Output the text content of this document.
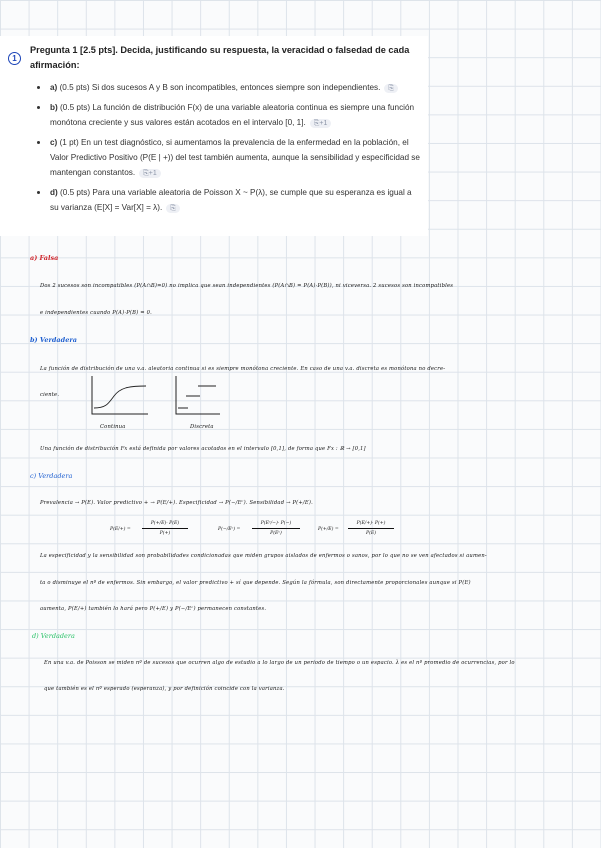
1
Pregunta 1 [2.5 pts]. Decida, justificando su respuesta, la veracidad o falsedad de cada afirmación:
a) (0.5 pts) Si dos sucesos A y B son incompatibles, entonces siempre son independientes. ⎘
b) (0.5 pts) La función de distribución F(x) de una variable aleatoria continua es siempre una función monótona creciente y sus valores están acotados en el intervalo [0, 1]. ⎘+1
c) (1 pt) En un test diagnóstico, si aumentamos la prevalencia de la enfermedad en la población, el Valor Predictivo Positivo (P(E | +)) del test también aumenta, aunque la sensibilidad y especificidad se mantengan constantos. ⎘+1
d) (0.5 pts) Para una variable aleatoria de Poisson X ~ P(λ), se cumple que su esperanza es igual a su varianza (E[X] = Var[X] = λ). ⎘
a) Falsa
Dos 2 sucesos son incompatibles (P(A∩B)=0) no implica que sean independientes (P(A∩B) = P(A)·P(B)), ni viceversa. 2 sucesos son incompatibles
e independientes cuando P(A)·P(B) = 0.
b) Verdadera
La función de distribución de una v.a. aleatoria continua si es siempre monótona creciente. En caso de una v.a. discreta es monótona no decre-
ciente.
Continua	Discreta
Una función de distribución Fx está definida por valores acotados en el intervalo [0,1], de forma que Fx : ℝ → [0,1]
c) Verdadera
Prevalencia → P(E). Valor predictivo + → P(E/+). Especificidad → P(−/Eᶜ). Sensibilidad → P(+/E).
P(E/+) =
P(+/E)· P(E)
P(+)
P(−/Eᶜ) =
P(Eᶜ/−)· P(−)
P(Eᶜ)
P(+/E) =
P(E/+)· P(+)
P(E)
La especificidad y la sensibilidad son probabilidades condicionadas que miden grupos aislados de enfermos o sanos, por lo que no se ven afectados si aumen-
ta o disminuye el nº de enfermos. Sin embargo, el valor predictivo + sí que depende. Según la fórmula, son directamente proporcionales aunque si P(E)
aumenta, P(E/+) también lo hará pero P(+/E) y P(−/Eᶜ) permanecen constantes.
d) Verdadera
En una v.a. de Poisson se miden nº de sucesos que ocurren algo de estudio a lo largo de un periodo de tiempo o un espacio. λ es el nº promedio de ocurrencias, por lo
que también es el nº esperado (esperanza), y por definición coincide con la varianza.
